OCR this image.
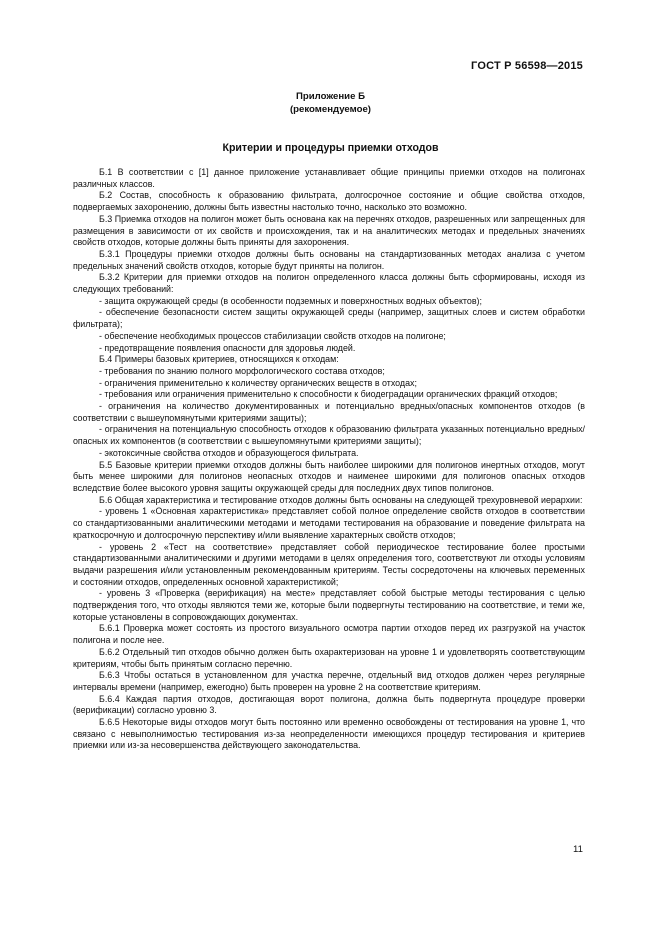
ГОСТ Р 56598—2015
Приложение Б
(рекомендуемое)
Критерии и процедуры приемки отходов

Б.1 В соответствии с [1] данное приложение устанавливает общие принципы приемки отходов на полигонах различных классов.

Б.2 Состав, способность к образованию фильтрата, долгосрочное состояние и общие свойства отходов, подвергаемых захоронению, должны быть известны настолько точно, насколько это возможно.

Б.3 Приемка отходов на полигон может быть основана как на перечнях отходов, разрешенных или запрещенных для размещения в зависимости от их свойств и происхождения, так и на аналитических методах и предельных значениях свойств отходов, которые должны быть приняты для захоронения.

Б.3.1 Процедуры приемки отходов должны быть основаны на стандартизованных методах анализа с учетом предельных значений свойств отходов, которые будут приняты на полигон.

Б.3.2 Критерии для приемки отходов на полигон определенного класса должны быть сформированы, исходя из следующих требований:

- защита окружающей среды (в особенности подземных и поверхностных водных объектов);

- обеспечение безопасности систем защиты окружающей среды (например, защитных слоев и систем обработки фильтрата);

- обеспечение необходимых процессов стабилизации свойств отходов на полигоне;

- предотвращение появления опасности для здоровья людей.

Б.4 Примеры базовых критериев, относящихся к отходам:

- требования по знанию полного морфологического состава отходов;

- ограничения применительно к количеству органических веществ в отходах;

- требования или ограничения применительно к способности к биодеградации органических фракций отходов;

- ограничения на количество документированных и потенциально вредных/опасных компонентов отходов (в соответствии с вышеупомянутыми критериями защиты);

- ограничения на потенциальную способность отходов к образованию фильтрата указанных потенциально вредных/опасных их компонентов (в соответствии с вышеупомянутыми критериями защиты);

- экотоксичные свойства отходов и образующегося фильтрата.

Б.5 Базовые критерии приемки отходов должны быть наиболее широкими для полигонов инертных отходов, могут быть менее широкими для полигонов неопасных отходов и наименее широкими для полигонов опасных отходов вследствие более высокого уровня защиты окружающей среды для последних двух типов полигонов.

Б.6 Общая характеристика и тестирование отходов должны быть основаны на следующей трехуровневой иерархии:

- уровень 1 «Основная характеристика» представляет собой полное определение свойств отходов в соответствии со стандартизованными аналитическими методами и методами тестирования на образование и поведение фильтрата на краткосрочную и долгосрочную перспективу и/или выявление характерных свойств отходов;

- уровень 2 «Тест на соответствие» представляет собой периодическое тестирование более простыми стандартизованными аналитическими и другими методами в целях определения того, соответствуют ли отходы условиям выдачи разрешения и/или установленным рекомендованным критериям. Тесты сосредоточены на ключевых переменных и состоянии отходов, определенных основной характеристикой;

- уровень 3 «Проверка (верификация) на месте» представляет собой быстрые методы тестирования с целью подтверждения того, что отходы являются теми же, которые были подвергнуты тестированию на соответствие, и теми же, которые установлены в сопровождающих документах.

Б.6.1 Проверка может состоять из простого визуального осмотра партии отходов перед их разгрузкой на участок полигона и после нее.

Б.6.2 Отдельный тип отходов обычно должен быть охарактеризован на уровне 1 и удовлетворять соответствующим критериям, чтобы быть принятым согласно перечню.

Б.6.3 Чтобы остаться в установленном для участка перечне, отдельный вид отходов должен через регулярные интервалы времени (например, ежегодно) быть проверен на уровне 2 на соответствие критериям.

Б.6.4 Каждая партия отходов, достигающая ворот полигона, должна быть подвергнута процедуре проверки (верификации) согласно уровню 3.

Б.6.5 Некоторые виды отходов могут быть постоянно или временно освобождены от тестирования на уровне 1, что связано с невыполнимостью тестирования из-за неопределенности имеющихся процедур тестирования и критериев приемки или из-за несовершенства действующего законодательства.

11
